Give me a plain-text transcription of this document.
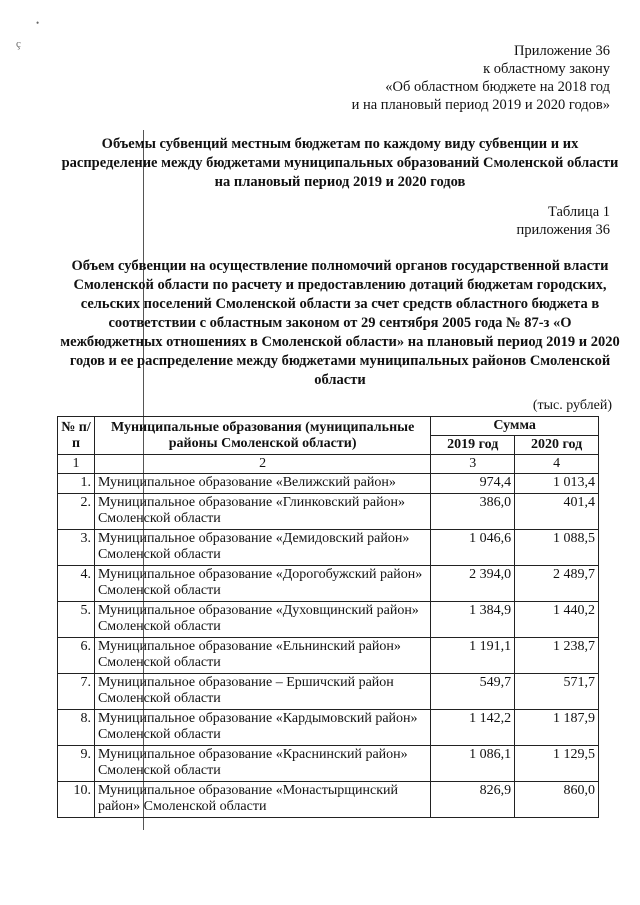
•
ç	Приложение 36
к областному закону
«Об областном бюджете на 2018 год
и на плановый период 2019 и 2020 годов»
Объемы субвенций местным бюджетам по каждому виду субвенции и их распределение между бюджетами муниципальных образований Смоленской области на плановый период 2019 и 2020 годов
Таблица 1
приложения 36
Объем субвенции на осуществление полномочий органов государственной власти Смоленской области по расчету и предоставлению дотаций бюджетам городских, сельских поселений Смоленской области за счет средств областного бюджета в соответствии с областным законом от 29 сентября 2005 года № 87-з «О межбюджетных отношениях в Смоленской области» на плановый период 2019 и 2020 годов и ее распределение между бюджетами муниципальных районов Смоленской области
(тыс. рублей)
№ п/п	Муниципальные образования (муниципальные районы Смоленской области)	Сумма	
		2019 год	2020 год
1	2	3	4
1.	Муниципальное образование «Велижский район»	974,4	1 013,4
2.	Муниципальное образование «Глинковский район» Смоленской области	386,0	401,4
3.	Муниципальное образование «Демидовский район» Смоленской области	1 046,6	1 088,5
4.	Муниципальное образование «Дорогобужский район» Смоленской области	2 394,0	2 489,7
5.	Муниципальное образование «Духовщинский район» Смоленской области	1 384,9	1 440,2
6.	Муниципальное образование «Ельнинский район» Смоленской области	1 191,1	1 238,7
7.	Муниципальное образование – Ершичский район Смоленской области	549,7	571,7
8.	Муниципальное образование «Кардымовский район» Смоленской области	1 142,2	1 187,9
9.	Муниципальное образование «Краснинский район» Смоленской области	1 086,1	1 129,5
10.	Муниципальное образование «Монастырщинский район» Смоленской области	826,9	860,0
